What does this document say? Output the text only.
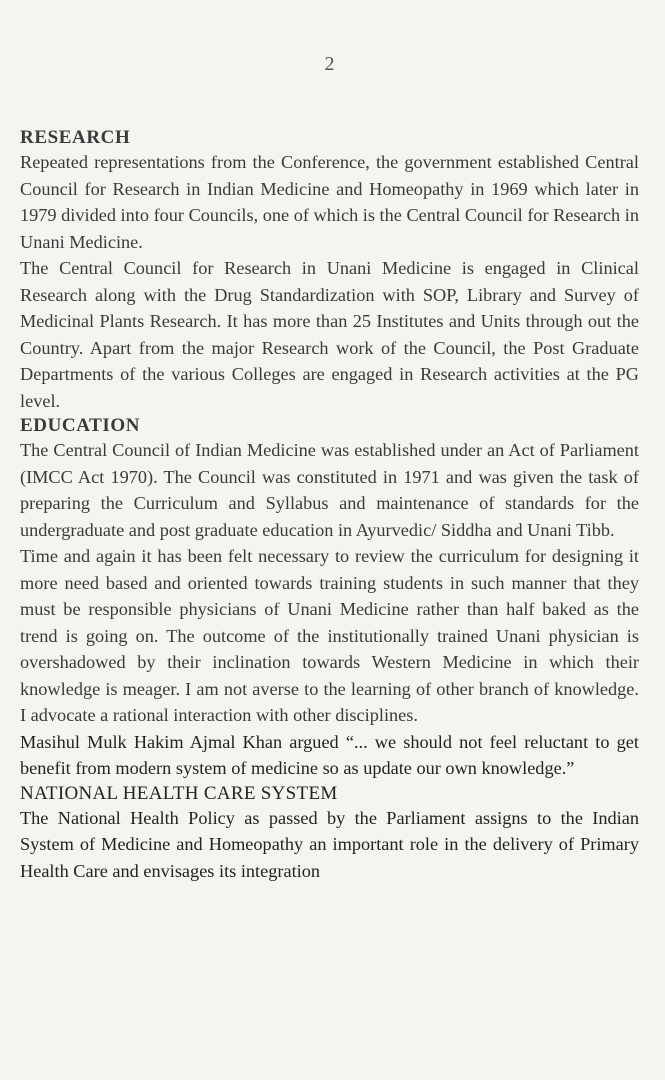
2
RESEARCH

Repeated representations from the Conference, the government established Central Council for Research in Indian Medicine and Homeopathy in 1969 which later in 1979 divided into four Councils, one of which is the Central Council for Research in Unani Medicine.

The Central Council for Research in Unani Medicine is engaged in Clinical Research along with the Drug Standardization with SOP, Library and Survey of Medicinal Plants Research. It has more than 25 Institutes and Units through out the Country. Apart from the major Research work of the Council, the Post Graduate Departments of the various Colleges are engaged in Research activities at the PG level.

EDUCATION

The Central Council of Indian Medicine was established under an Act of Parliament (IMCC Act 1970). The Council was constituted in 1971 and was given the task of preparing the Curriculum and Syllabus and maintenance of standards for the undergraduate and post graduate education in Ayurvedic/ Siddha and Unani Tibb.

Time and again it has been felt necessary to review the curriculum for designing it more need based and oriented towards training students in such manner that they must be responsible physicians of Unani Medicine rather than half baked as the trend is going on. The outcome of the institutionally trained Unani physician is overshadowed by their inclination towards Western Medicine in which their knowledge is meager. I am not averse to the learning of other branch of knowledge. I advocate a rational interaction with other disciplines.

Masihul Mulk Hakim Ajmal Khan argued “... we should not feel reluctant to get benefit from modern system of medicine so as update our own knowledge.”

NATIONAL HEALTH CARE SYSTEM

The National Health Policy as passed by the Parliament assigns to the Indian System of Medicine and Homeopathy an important role in the delivery of Primary Health Care and envisages its integration
